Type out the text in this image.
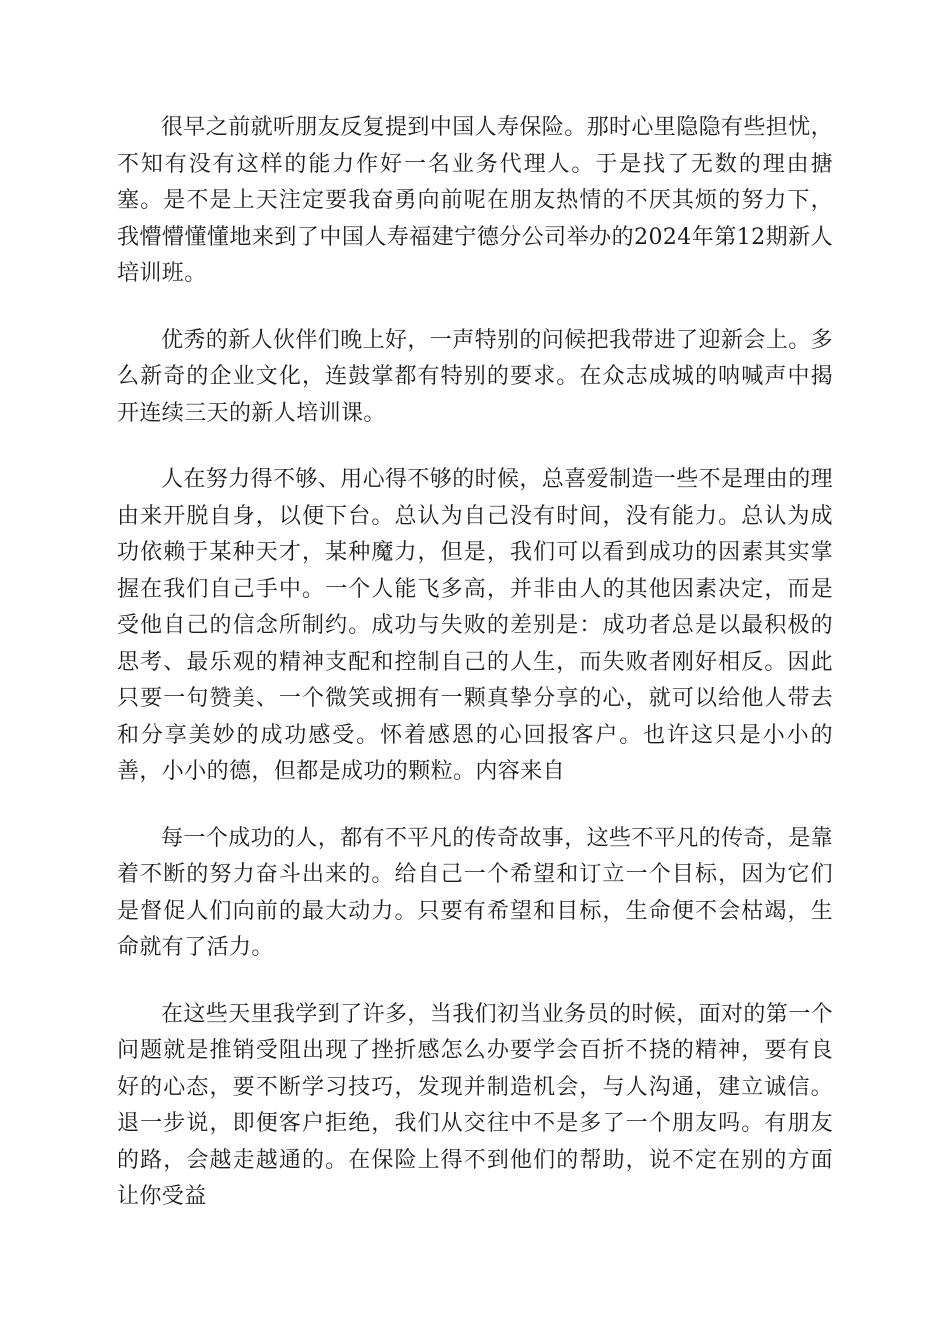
很早之前就听朋友反复提到中国人寿保险。那时心里隐隐有些担忧，不知有没有这样的能力作好一名业务代理人。于是找了无数的理由搪塞。是不是上天注定要我奋勇向前呢在朋友热情的不厌其烦的努力下，我懵懵懂懂地来到了中国人寿福建宁德分公司举办的2024年第12期新人培训班。

优秀的新人伙伴们晚上好，一声特别的问候把我带进了迎新会上。多么新奇的企业文化，连鼓掌都有特别的要求。在众志成城的呐喊声中揭开连续三天的新人培训课。

人在努力得不够、用心得不够的时候，总喜爱制造一些不是理由的理由来开脱自身，以便下台。总认为自己没有时间，没有能力。总认为成功依赖于某种天才，某种魔力，但是，我们可以看到成功的因素其实掌握在我们自己手中。一个人能飞多高，并非由人的其他因素决定，而是受他自己的信念所制约。成功与失败的差别是：成功者总是以最积极的思考、最乐观的精神支配和控制自己的人生，而失败者刚好相反。因此只要一句赞美、一个微笑或拥有一颗真挚分享的心，就可以给他人带去和分享美妙的成功感受。怀着感恩的心回报客户。也许这只是小小的善，小小的德，但都是成功的颗粒。内容来自

每一个成功的人，都有不平凡的传奇故事，这些不平凡的传奇，是靠着不断的努力奋斗出来的。给自己一个希望和订立一个目标，因为它们是督促人们向前的最大动力。只要有希望和目标，生命便不会枯竭，生命就有了活力。

在这些天里我学到了许多，当我们初当业务员的时候，面对的第一个问题就是推销受阻出现了挫折感怎么办要学会百折不挠的精神，要有良好的心态，要不断学习技巧，发现并制造机会，与人沟通，建立诚信。退一步说，即便客户拒绝，我们从交往中不是多了一个朋友吗。有朋友的路，会越走越通的。在保险上得不到他们的帮助，说不定在别的方面让你受益
